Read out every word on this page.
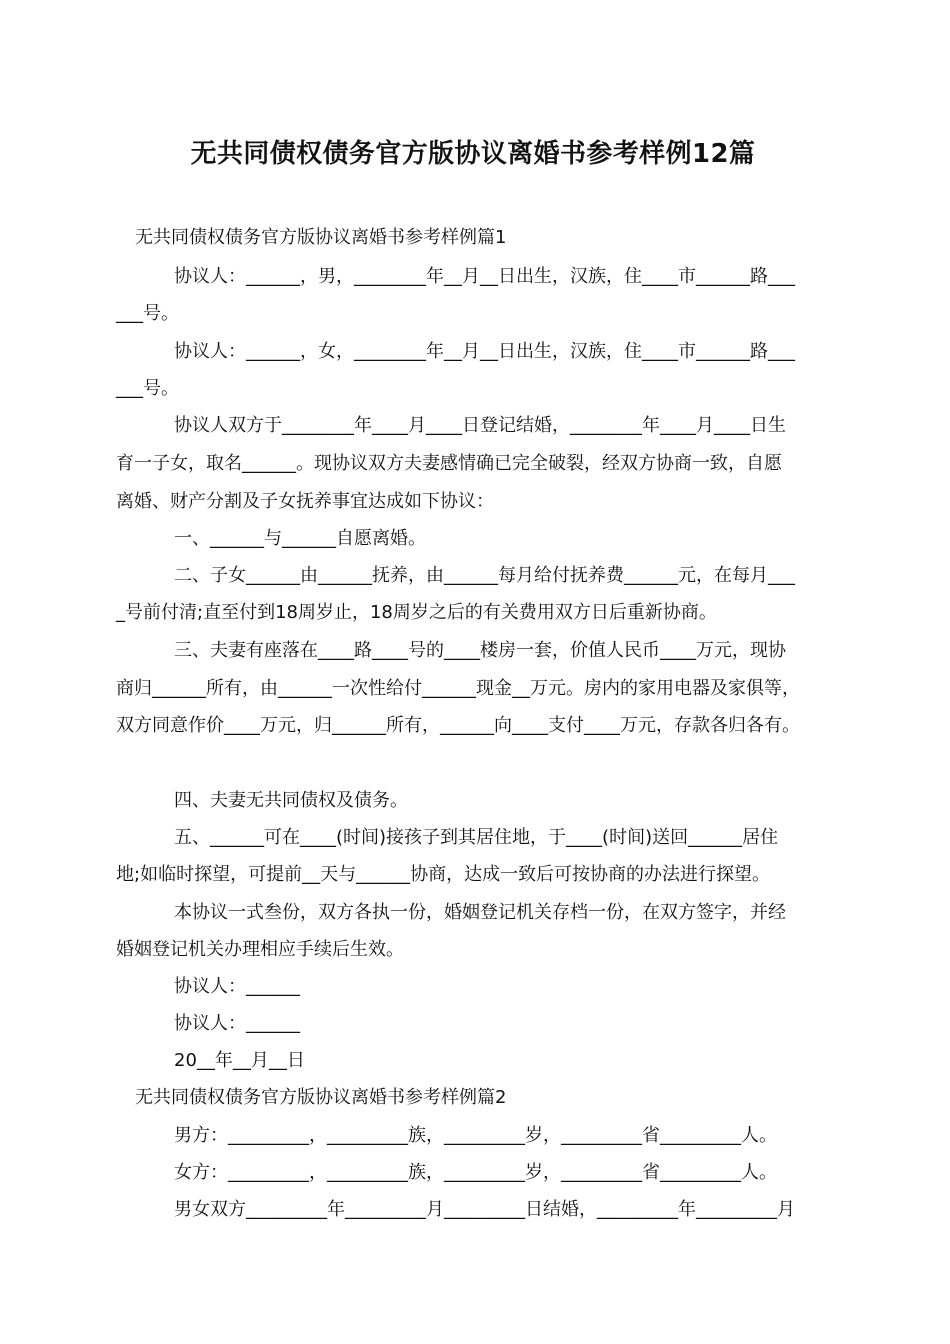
无共同债权债务官方版协议离婚书参考样例12篇

无共同债权债务官方版协议离婚书参考样例篇1

协议人：______，男，________年__月__日出生，汉族，住____市______路___

___号。

协议人：______，女，________年__月__日出生，汉族，住____市______路___

___号。

协议人双方于________年____月____日登记结婚，________年____月____日生

育一子女，取名______。现协议双方夫妻感情确已完全破裂，经双方协商一致，自愿

离婚、财产分割及子女抚养事宜达成如下协议：

一、______与______自愿离婚。

二、子女______由______抚养，由______每月给付抚养费______元，在每月___

_号前付清;直至付到18周岁止，18周岁之后的有关费用双方日后重新协商。

三、夫妻有座落在____路____号的____楼房一套，价值人民币____万元，现协

商归______所有，由______一次性给付______现金__万元。房内的家用电器及家俱等，

双方同意作价____万元，归______所有，______向____支付____万元，存款各归各有。

四、夫妻无共同债权及债务。

五、______可在____(时间)接孩子到其居住地，于____(时间)送回______居住

地;如临时探望，可提前__天与______协商，达成一致后可按协商的办法进行探望。

本协议一式叁份，双方各执一份，婚姻登记机关存档一份，在双方签字，并经

婚姻登记机关办理相应手续后生效。

协议人：______

协议人：______

20__年__月__日

无共同债权债务官方版协议离婚书参考样例篇2

男方：_________，_________族，_________岁，_________省_________人。

女方：_________，_________族，_________岁，_________省_________人。

男女双方_________年_________月_________日结婚，_________年_________月
